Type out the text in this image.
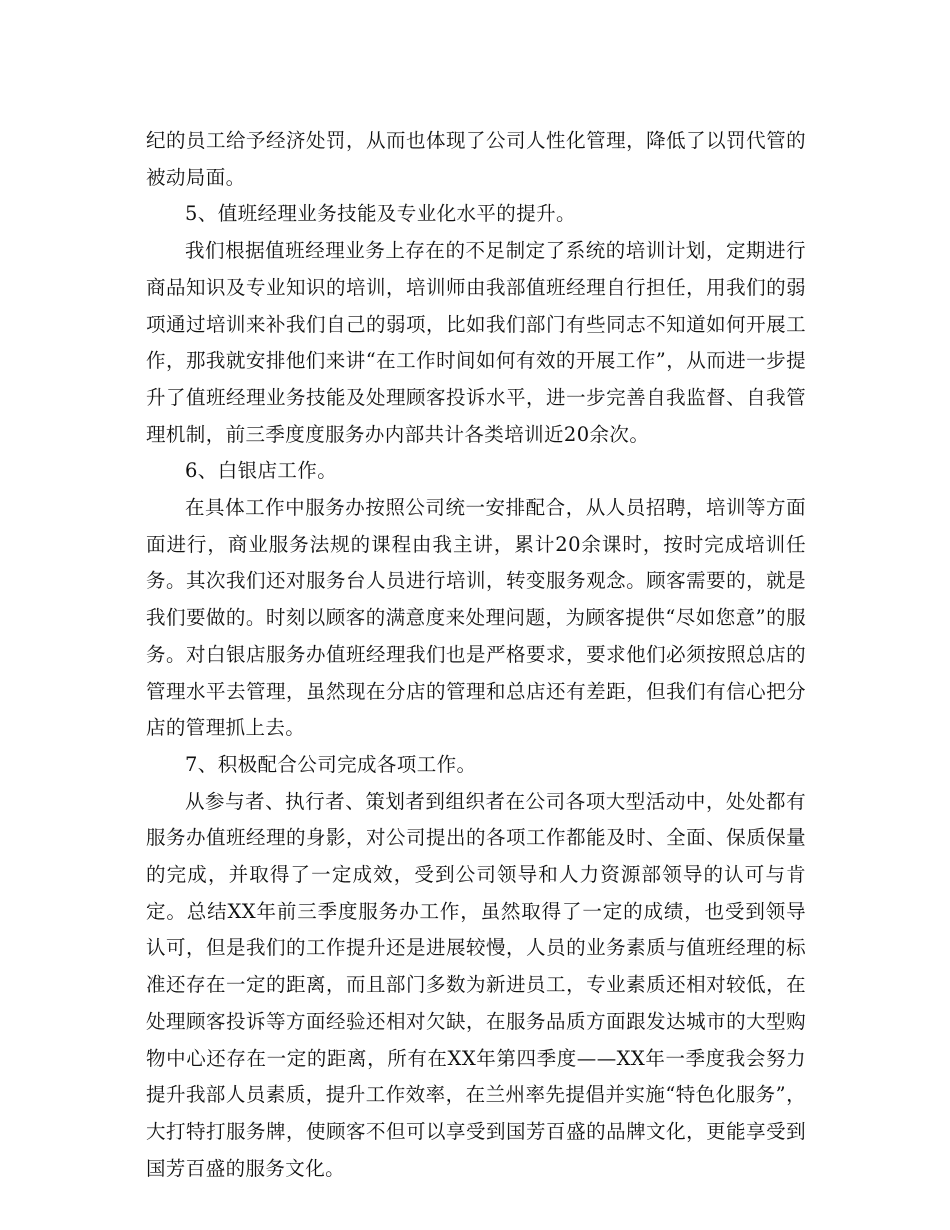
纪的员工给予经济处罚，从而也体现了公司人性化管理，降低了以罚代管的被动局面。

5、值班经理业务技能及专业化水平的提升。

我们根据值班经理业务上存在的不足制定了系统的培训计划，定期进行商品知识及专业知识的培训，培训师由我部值班经理自行担任，用我们的弱项通过培训来补我们自己的弱项，比如我们部门有些同志不知道如何开展工作，那我就安排他们来讲“在工作时间如何有效的开展工作”，从而进一步提升了值班经理业务技能及处理顾客投诉水平，进一步完善自我监督、自我管理机制，前三季度度服务办内部共计各类培训近20余次。

6、白银店工作。

在具体工作中服务办按照公司统一安排配合，从人员招聘，培训等方面面进行，商业服务法规的课程由我主讲，累计20余课时，按时完成培训任务。其次我们还对服务台人员进行培训，转变服务观念。顾客需要的，就是我们要做的。时刻以顾客的满意度来处理问题，为顾客提供“尽如您意”的服务。对白银店服务办值班经理我们也是严格要求，要求他们必须按照总店的管理水平去管理，虽然现在分店的管理和总店还有差距，但我们有信心把分店的管理抓上去。

7、积极配合公司完成各项工作。

从参与者、执行者、策划者到组织者在公司各项大型活动中，处处都有服务办值班经理的身影，对公司提出的各项工作都能及时、全面、保质保量的完成，并取得了一定成效，受到公司领导和人力资源部领导的认可与肯定。总结XX年前三季度服务办工作，虽然取得了一定的成绩，也受到领导认可，但是我们的工作提升还是进展较慢，人员的业务素质与值班经理的标准还存在一定的距离，而且部门多数为新进员工，专业素质还相对较低，在处理顾客投诉等方面经验还相对欠缺，在服务品质方面跟发达城市的大型购物中心还存在一定的距离，所有在XX年第四季度——XX年一季度我会努力提升我部人员素质，提升工作效率，在兰州率先提倡并实施“特色化服务”，大打特打服务牌，使顾客不但可以享受到国芳百盛的品牌文化，更能享受到国芳百盛的服务文化。
